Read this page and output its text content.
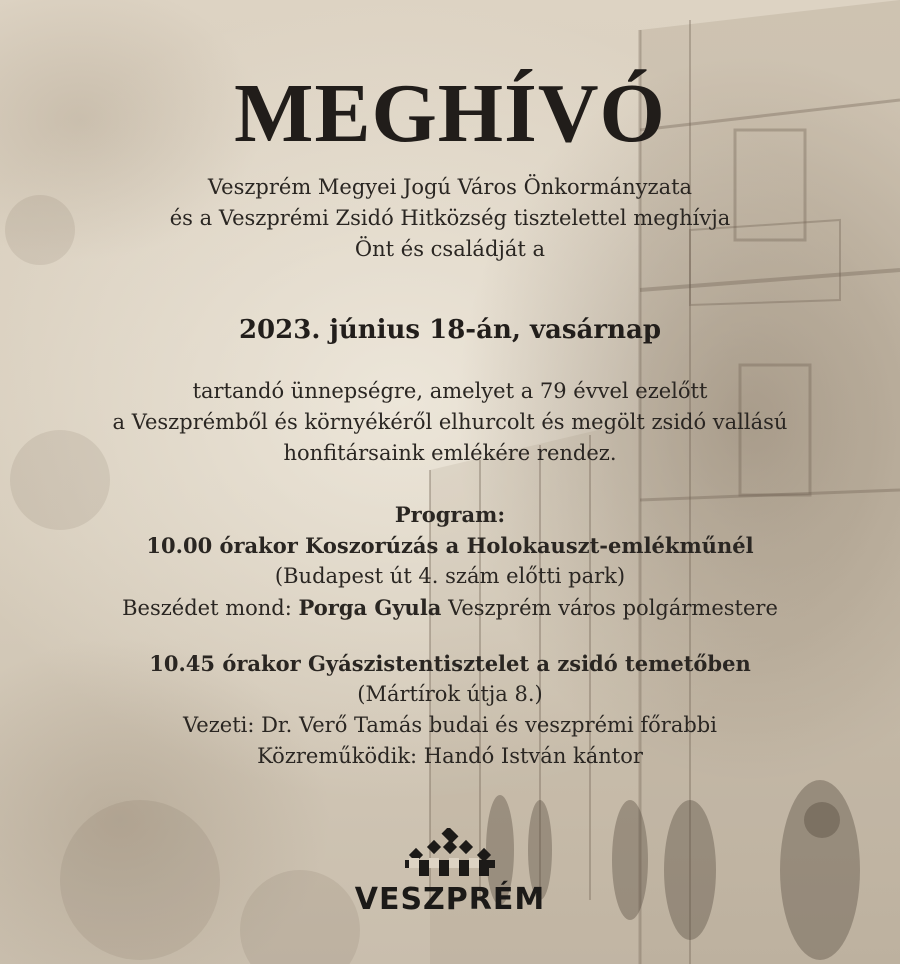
MEGHÍVÓ
Veszprém Megyei Jogú Város Önkormányzata
és a Veszprémi Zsidó Hitközség tisztelettel meghívja
Önt és családját a
2023. június 18-án, vasárnap
tartandó ünnepségre, amelyet a 79 évvel ezelőtt
a Veszprémből és környékéről elhurcolt és megölt zsidó vallású
honfitársaink emlékére rendez.
Program:
10.00 órakor Koszorúzás a Holokauszt-emlékműnél
(Budapest út 4. szám előtti park)
Beszédet mond: Porga Gyula Veszprém város polgármestere
10.45 órakor Gyászistentisztelet a zsidó temetőben
(Mártírok útja 8.)
Vezeti: Dr. Verő Tamás budai és veszprémi főrabbi
Közreműködik: Handó István kántor
VESZPRÉM
